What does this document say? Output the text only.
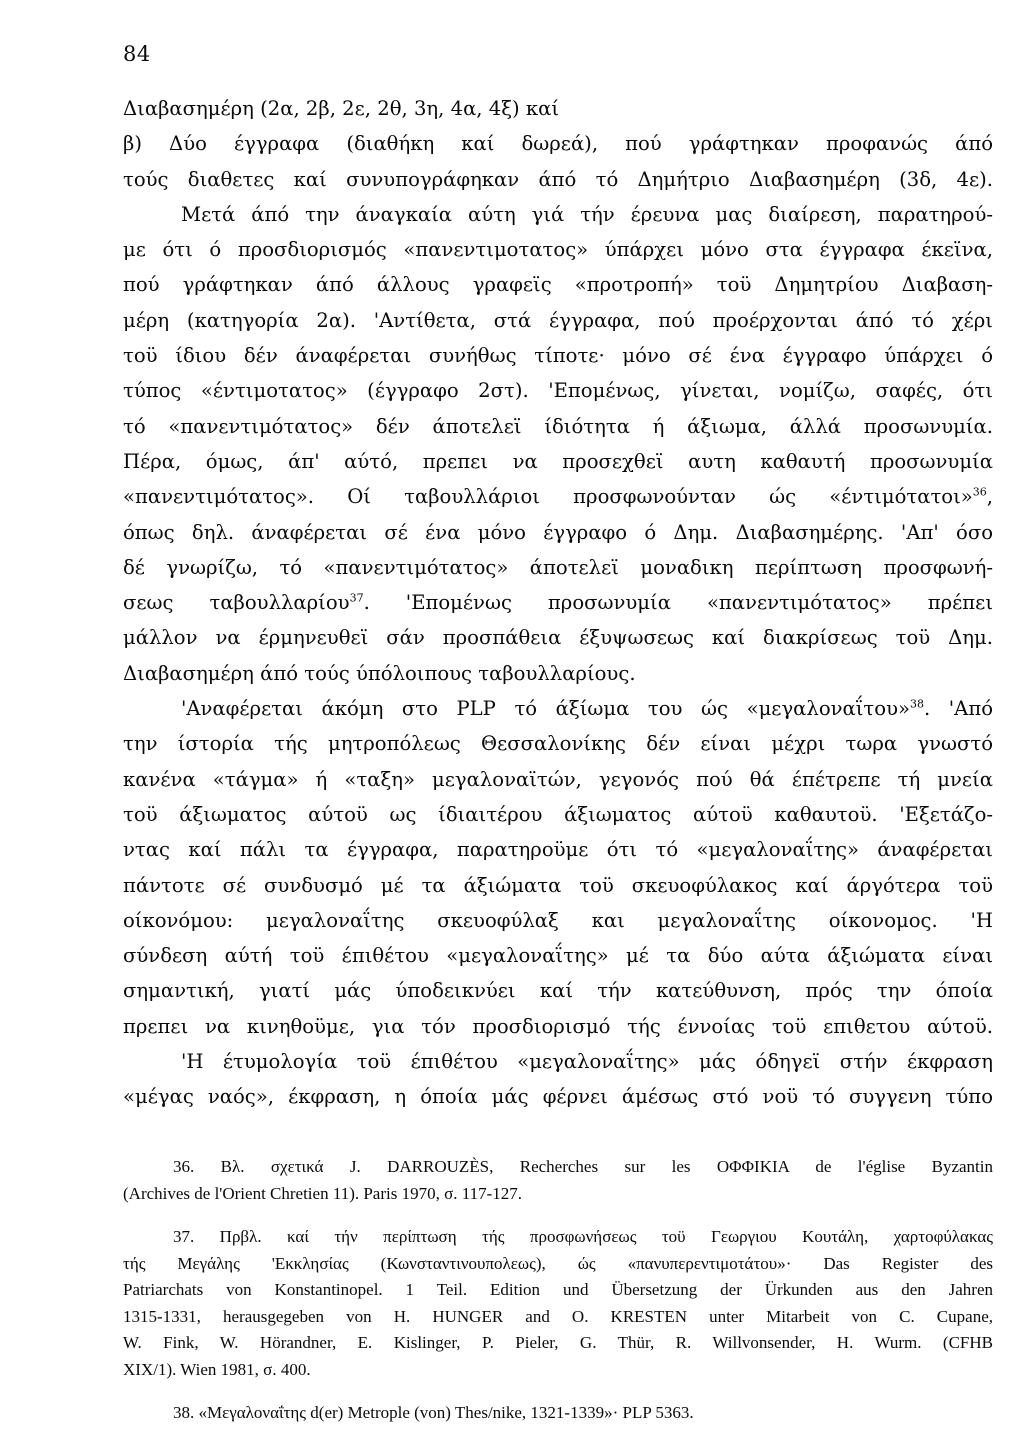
84
Διαβασημέρη (2α, 2β, 2ε, 2θ, 3η, 4α, 4ξ) καί
β) Δύο έγγραφα (διαθήκη καί δωρεά), πού γράφτηκαν προφανώς άπό
τούς διαθετες καί συνυπογράφηκαν άπό τό Δημήτριο Διαβασημέρη (3δ, 4ε).
Μετά άπό την άναγκαία αύτη γιά τήν έρευνα μας διαίρεση, παρατηρού-
με ότι ό προσδιορισμός «πανεντιμοτατος» ύπάρχει μόνο στα έγγραφα έκεϊνα,
πού γράφτηκαν άπό άλλους γραφεϊς «προτροπή» τοϋ Δημητρίου Διαβαση-
μέρη (κατηγορία 2α). 'Αντίθετα, στά έγγραφα, πού προέρχονται άπό τό χέρι
τοϋ ίδιου δέν άναφέρεται συνήθως τίποτε· μόνο σέ ένα έγγραφο ύπάρχει ό
τύπος «έντιμοτατος» (έγγραφο 2στ). 'Επομένως, γίνεται, νομίζω, σαφές, ότι
τό «πανεντιμότατος» δέν άποτελεϊ ίδιότητα ή άξιωμα, άλλά προσωνυμία.
Πέρα, όμως, άπ' αύτό, πρεπει να προσεχθεϊ αυτη καθαυτή προσωνυμία
«πανεντιμότατος». Οί ταβουλλάριοι προσφωνούνταν ώς «έντιμότατοι»$^{36}$,
όπως δηλ. άναφέρεται σέ ένα μόνο έγγραφο ό Δημ. Διαβασημέρης. 'Απ' όσο
δέ γνωρίζω, τό «πανεντιμότατος» άποτελεϊ μοναδικη περίπτωση προσφωνή-
σεως ταβουλλαρίου$^{37}$. 'Επομένως προσωνυμία «πανεντιμότατος» πρέπει
μάλλον να έρμηνευθεϊ σάν προσπάθεια έξυψωσεως καί διακρίσεως τοϋ Δημ.
Διαβασημέρη άπό τούς ύπόλοιπους ταβουλλαρίους.
'Αναφέρεται άκόμη στο PLP τό άξίωμα του ώς «μεγαλοναΐτου»$^{38}$. 'Από
την ίστορία τής μητροπόλεως Θεσσαλονίκης δέν είναι μέχρι τωρα γνωστό
κανένα «τάγμα» ή «ταξη» μεγαλοναϊτών, γεγονός πού θά έπέτρεπε τή μνεία
τοϋ άξιωματος αύτοϋ ως ίδιαιτέρου άξιωματος αύτοϋ καθαυτοϋ. 'Εξετάζο-
ντας καί πάλι τα έγγραφα, παρατηροϋμε ότι τό «μεγαλοναΐτης» άναφέρεται
πάντοτε σέ συνδυσμό μέ τα άξιώματα τοϋ σκευοφύλακος καί άργότερα τοϋ
οίκονόμου: μεγαλοναΐτης σκευοφύλαξ και μεγαλοναΐτης οίκονομος. 'Η
σύνδεση αύτή τοϋ έπιθέτου «μεγαλοναΐτης» μέ τα δύο αύτα άξιώματα είναι
σημαντική, γιατί μάς ύποδεικνύει καί τήν κατεύθυνση, πρός την όποία
πρεπει να κινηθοϋμε, για τόν προσδιορισμό τής έννοίας τοϋ επιθετου αύτοϋ.
'Η έτυμολογία τοϋ έπιθέτου «μεγαλοναΐτης» μάς όδηγεϊ στήν έκφραση
«μέγας ναός», έκφραση, η όποία μάς φέρνει άμέσως στό νοϋ τό συγγενη τύπο
36. Βλ. σχετικά J. DARROUZÈS, Recherches sur les ΟΦΦΙΚΙΑ de l'église Byzantin
(Archives de l'Orient Chretien 11). Paris 1970, σ. 117-127.
37. Πρβλ. καί τήν περίπτωση τής προσφωνήσεως τοϋ Γεωργιου Κουτάλη, χαρτοφύλακας
τής Μεγάλης 'Εκκλησίας (Κωνσταντινουπολεως), ώς «πανυπερεντιμοτάτου»· Das Register des
Patriarchats von Konstantinopel. 1 Teil. Edition und Übersetzung der Ürkunden aus den Jahren
1315-1331, herausgegeben von H. HUNGER and O. KRESTEN unter Mitarbeit von C. Cupane,
W. Fink, W. Hörandner, E. Kislinger, P. Pieler, G. Thür, R. Willvonsender, H. Wurm. (CFHB
XIX/1). Wien 1981, σ. 400.
38. «Μεγαλοναΐτης d(er) Metrople (von) Thes/nike, 1321-1339»· PLP 5363.
